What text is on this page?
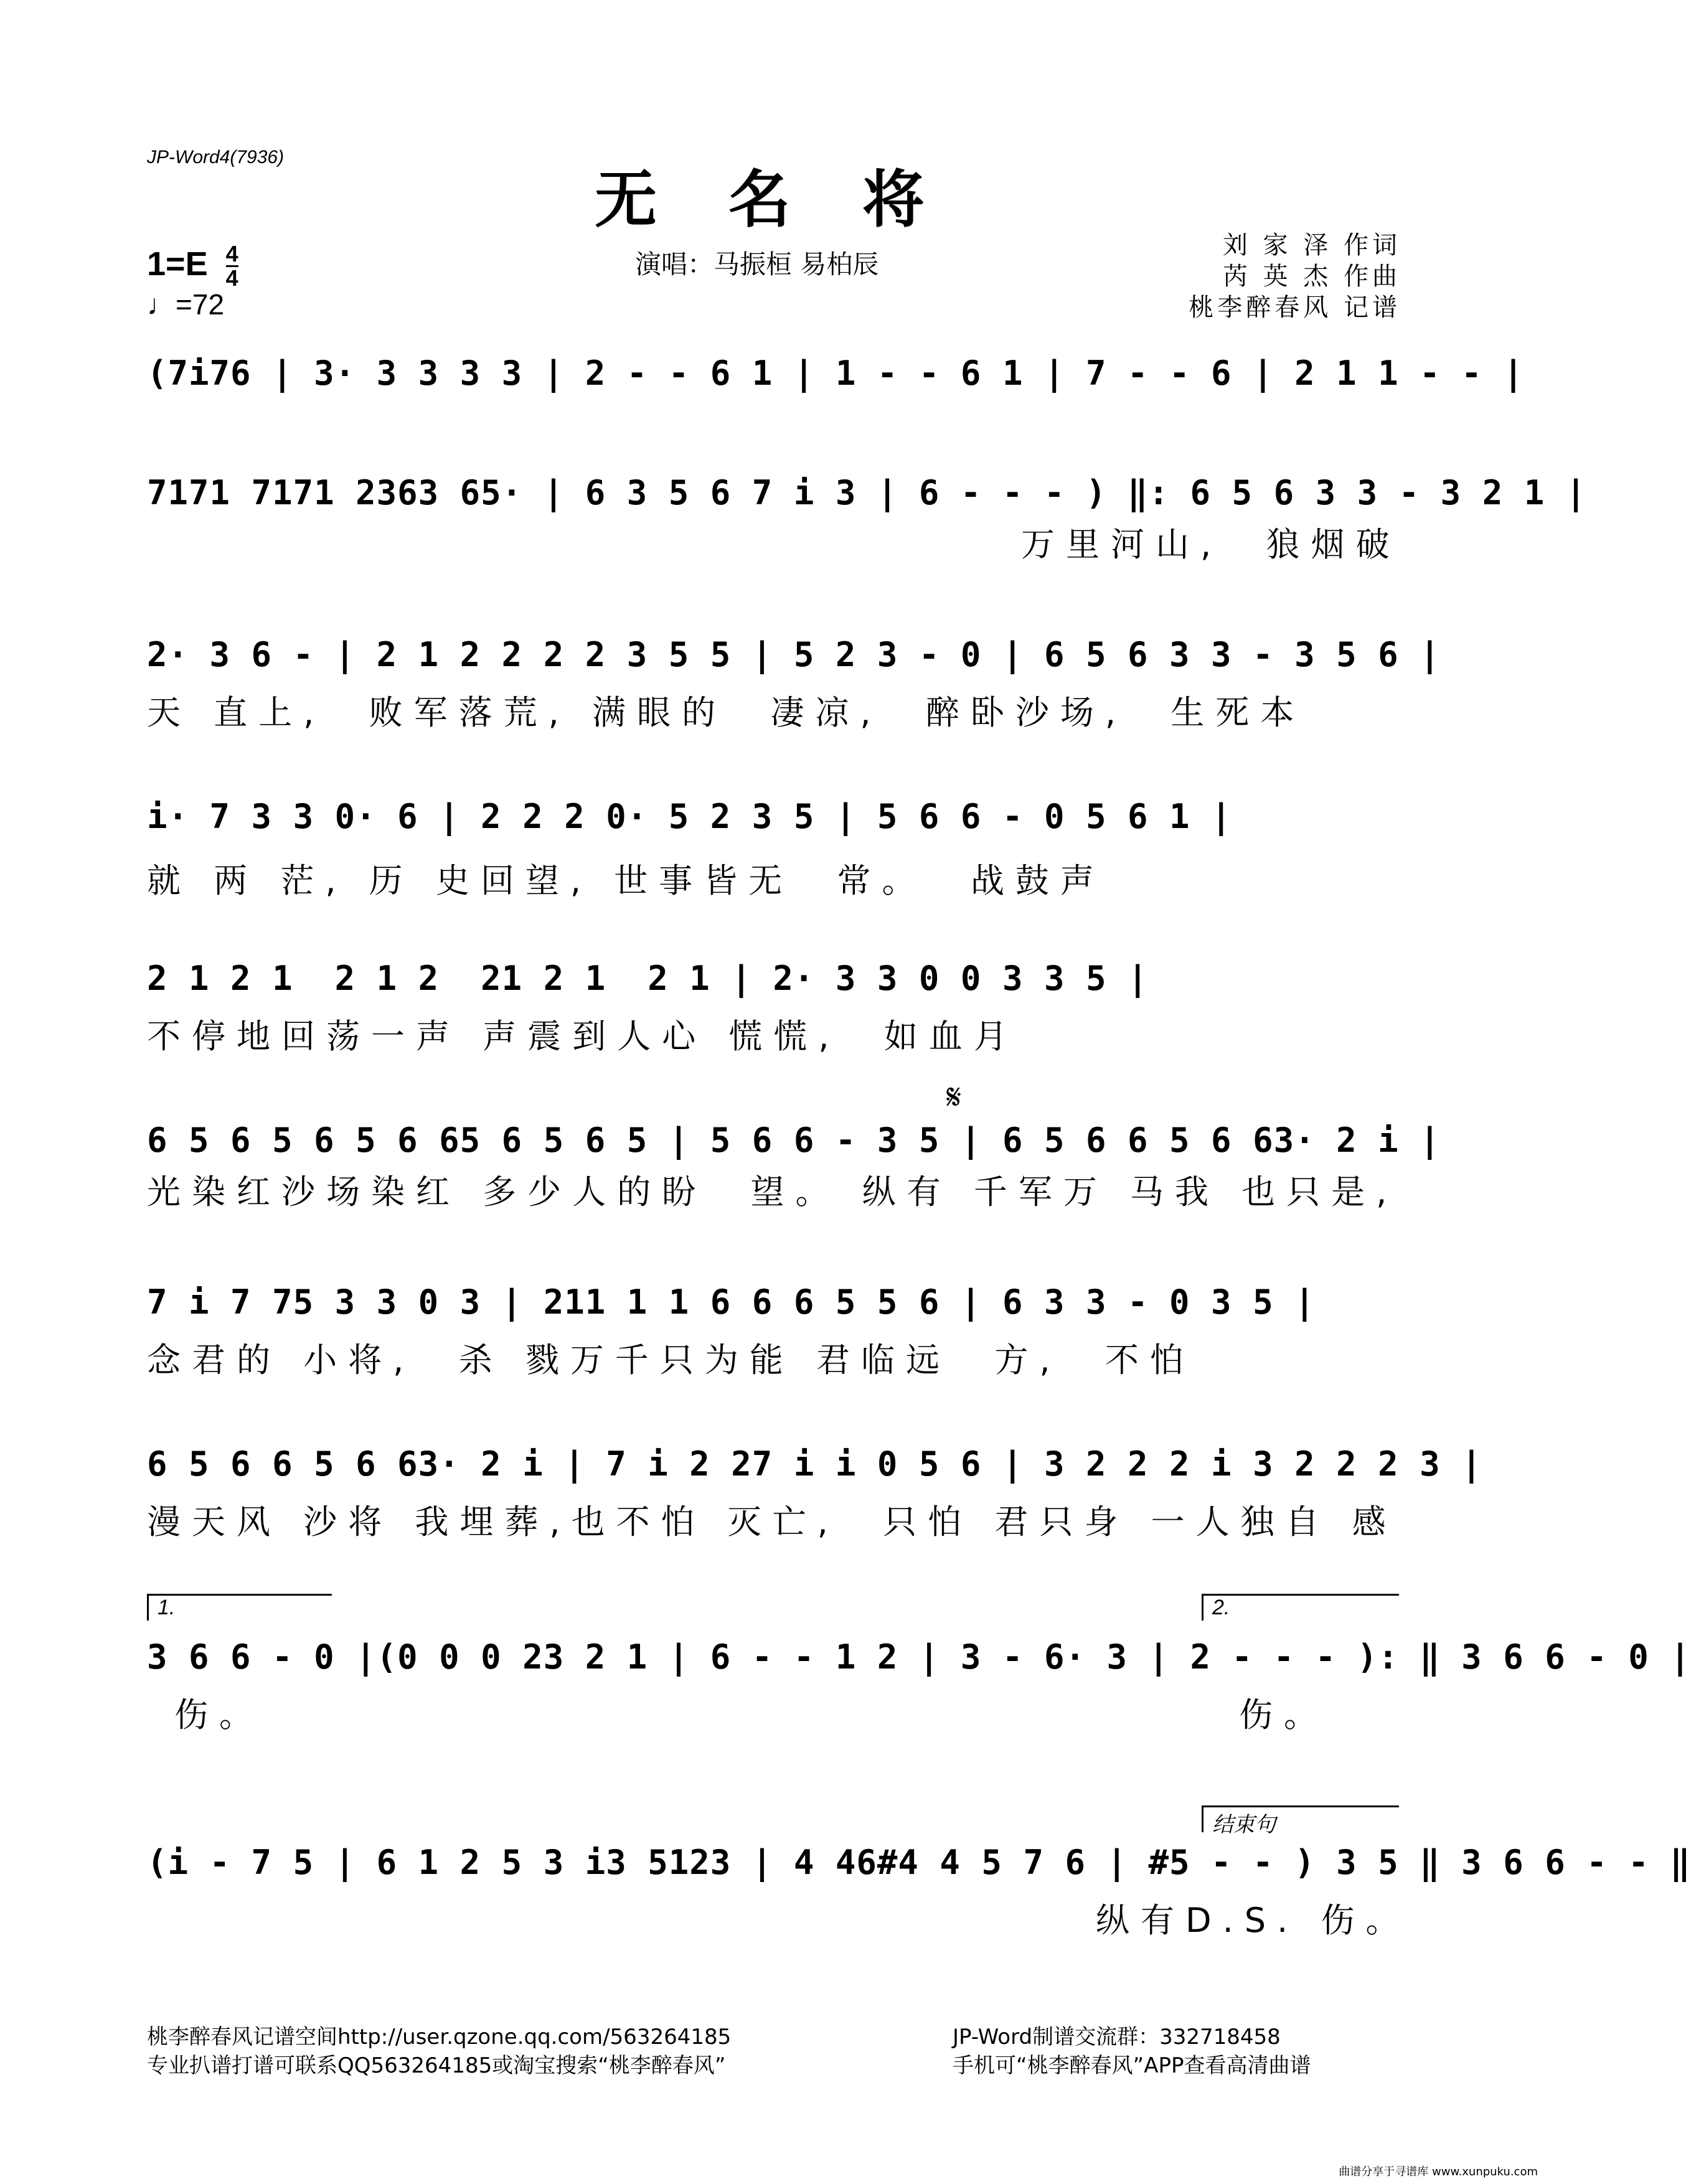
JP-Word4(7936)
无 名 将
演唱：马振桓 易柏辰
刘 家 泽 作词
芮 英 杰 作曲
桃李醉春风 记谱
$1=E \frac{4}{4}$
♩=72
(7i76 | 3· 3 3 3 3 | 2 - - 6 1 | 1 - - 6 1 | 7 - - 6 | 2 1 1 - - |
7171 7171 2363 65· | 6 3 5 6 7 i 3 | 6 - - - ) ‖: 6 5 6 3 3 - 3 2 1 |
万里河山,  狼烟破
2· 3 6 - | 2 1 2 2 2 2 3 5 5 | 5 2 3 - 0 | 6 5 6 3 3 - 3 5 6 |
天 直上,  败军落荒, 满眼的  凄凉,  醉卧沙场,  生死本
i· 7 3 3 0· 6 | 2 2 2 0· 5 2 3 5 | 5 6 6 - 0 5 6 1 |
就 两 茫, 历 史回望, 世事皆无  常。  战鼓声
2 1 2 1  2 1 2  21 2 1  2 1 | 2· 3 3 0 0 3 3 5 |
不停地回荡一声 声震到人心 慌慌,  如血月
𝄋
6 5 6 5 6 5 6 65 6 5 6 5 | 5 6 6 - 3 5 | 6 5 6 6 5 6 63· 2 i |
光染红沙场染红 多少人的盼  望。 纵有 千军万 马我 也只是,
7 i 7 75 3 3 0 3 | 211 1 1 6 6 6 5 5 6 | 6 3 3 - 0 3 5 |
念君的 小将,  杀 戮万千只为能 君临远  方,  不怕
6 5 6 6 5 6 63· 2 i | 7 i 2 27 i i 0 5 6 | 3 2 2 2 i 3 2 2 2 3 |
漫天风 沙将 我埋葬,也不怕 灭亡,  只怕 君只身 一人独自 感
1.	2.
3 6 6 - 0 |(0 0 0 23 2 1 | 6 - - 1 2 | 3 - 6· 3 | 2 - - - ): ‖ 3 6 6 - 0 |
伤。	伤。
结束句
(i - 7 5 | 6 1 2 5 3 i3 5123 | 4 46#4 4 5 7 6 | #5 - - ) 3 5 ‖ 3 6 6 - - ‖
纵有D.S. 伤。
桃李醉春风记谱空间http://user.qzone.qq.com/563264185
专业扒谱打谱可联系QQ563264185或淘宝搜索“桃李醉春风”
JP-Word制谱交流群：332718458
手机可“桃李醉春风”APP查看高清曲谱
曲谱分享于寻谱库 www.xunpuku.com
